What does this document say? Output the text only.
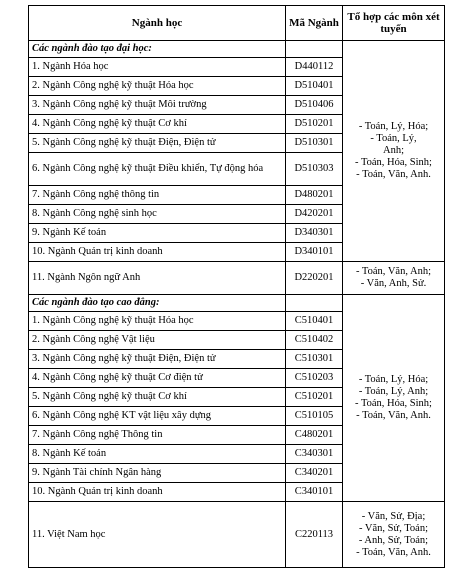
Ngành học	Mã Ngành	Tổ hợp các môn xét tuyển
Các ngành đào tạo đại học:		- Toán, Lý, Hóa;
- Toán, Lý,
Anh;
- Toán, Hóa, Sinh;
- Toán, Văn, Anh.

1. Ngành Hóa học	D440112	
2. Ngành Công nghệ kỹ thuật Hóa học	D510401	
3. Ngành Công nghệ kỹ thuật Môi trường	D510406	
4. Ngành Công nghệ kỹ thuật Cơ khí	D510201	
5. Ngành Công nghệ kỹ thuật Điện, Điện tử	D510301	
6. Ngành Công nghệ kỹ thuật Điều khiển, Tự động hóa	D510303	
7. Ngành Công nghệ thông tin	D480201	
8. Ngành Công nghệ sinh học	D420201	
9. Ngành Kế toán	D340301	
10. Ngành Quản trị kinh doanh	D340101	
11. Ngành Ngôn ngữ Anh	D220201	- Toán, Văn, Anh;
- Văn, Anh, Sử.

Các ngành đào tạo cao đẳng:		- Toán, Lý, Hóa;
- Toán, Lý, Anh;
- Toán, Hóa, Sinh;
- Toán, Văn, Anh.

1. Ngành Công nghệ kỹ thuật Hóa học	C510401	
2. Ngành Công nghệ Vật liệu	C510402	
3. Ngành Công nghệ kỹ thuật Điện, Điện tử	C510301	
4. Ngành Công nghệ kỹ thuật Cơ điện tử	C510203	
5. Ngành Công nghệ kỹ thuật Cơ khí	C510201	
6. Ngành Công nghệ KT vật liệu xây dựng	C510105	
7. Ngành Công nghệ Thông tin	C480201	
8. Ngành Kế toán	C340301	
9. Ngành Tài chính Ngân hàng	C340201	
10. Ngành Quản trị kinh doanh	C340101	
11. Việt Nam học	C220113	- Văn, Sử, Địa;
- Văn, Sử, Toán;
- Anh, Sử, Toán;
- Toán, Văn, Anh.
